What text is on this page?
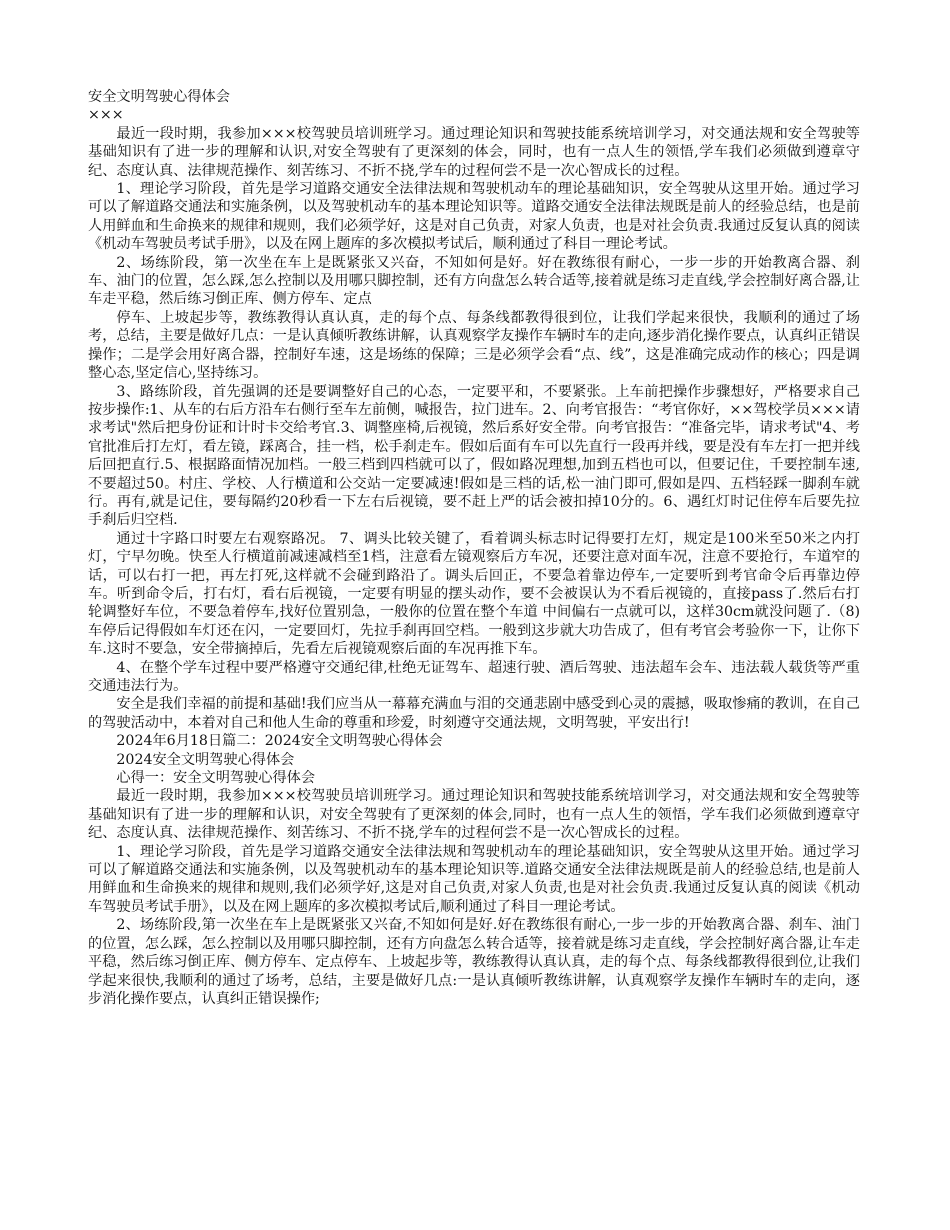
安全文明驾驶心得体会

×××

最近一段时期，我参加×××校驾驶员培训班学习。通过理论知识和驾驶技能系统培训学习，对交通法规和安全驾驶等基础知识有了进一步的理解和认识,对安全驾驶有了更深刻的体会，同时，也有一点人生的领悟,学车我们必须做到遵章守纪、态度认真、法律规范操作、刻苦练习、不折不挠,学车的过程何尝不是一次心智成长的过程。

1、理论学习阶段，首先是学习道路交通安全法律法规和驾驶机动车的理论基础知识，安全驾驶从这里开始。通过学习可以了解道路交通法和实施条例，以及驾驶机动车的基本理论知识等。道路交通安全法律法规既是前人的经验总结，也是前人用鲜血和生命换来的规律和规则，我们必须学好，这是对自己负责，对家人负责，也是对社会负责.我通过反复认真的阅读《机动车驾驶员考试手册》，以及在网上题库的多次模拟考试后，顺利通过了科目一理论考试。

2、场练阶段，第一次坐在车上是既紧张又兴奋，不知如何是好。好在教练很有耐心，一步一步的开始教离合器、刹车、油门的位置，怎么踩,怎么控制以及用哪只脚控制，还有方向盘怎么转合适等,接着就是练习走直线,学会控制好离合器,让车走平稳，然后练习倒正库、侧方停车、定点

停车、上坡起步等，教练教得认真认真，走的每个点、每条线都教得很到位，让我们学起来很快，我顺利的通过了场考，总结，主要是做好几点：一是认真倾听教练讲解，认真观察学友操作车辆时车的走向,逐步消化操作要点，认真纠正错误操作；二是学会用好离合器，控制好车速，这是场练的保障；三是必须学会看“点、线”，这是准确完成动作的核心；四是调整心态,坚定信心,坚持练习。

3、路练阶段，首先强调的还是要调整好自己的心态，一定要平和，不要紧张。上车前把操作步骤想好，严格要求自己按步操作:1、从车的右后方沿车右侧行至车左前侧，喊报告，拉门进车。2、向考官报告：“考官你好，××驾校学员×××请求考试"然后把身份证和计时卡交给考官.3、调整座椅,后视镜，然后系好安全带。向考官报告：“准备完毕，请求考试"4、考官批准后打左灯，看左镜，踩离合，挂一档，松手刹走车。假如后面有车可以先直行一段再并线，要是没有车左打一把并线后回把直行.5、根据路面情况加档。一般三档到四档就可以了，假如路况理想,加到五档也可以，但要记住，千要控制车速,不要超过50。村庄、学校、人行横道和公交站一定要减速!假如是三档的话,松一油门即可,假如是四、五档轻踩一脚刹车就行。再有,就是记住，要每隔约20秒看一下左右后视镜，要不赶上严的话会被扣掉10分的。6、遇红灯时记住停车后要先拉手刹后归空档.

通过十字路口时要左右观察路况。 7、调头比较关键了，看着调头标志时记得要打左灯，规定是100米至50米之内打灯，宁早勿晚。快至人行横道前减速减档至1档，注意看左镜观察后方车况，还要注意对面车况，注意不要抢行，车道窄的话，可以右打一把，再左打死,这样就不会碰到路沿了。调头后回正，不要急着靠边停车,一定要听到考官命令后再靠边停车。听到命令后，打右灯，看右后视镜，一定要有明显的摆头动作，要不会被误认为不看后视镜的，直接pass了.然后右打轮调整好车位，不要急着停车,找好位置别急，一般你的位置在整个车道 中间偏右一点就可以，这样30cm就没问题了.（8)车停后记得假如车灯还在闪，一定要回灯，先拉手刹再回空档。一般到这步就大功告成了，但有考官会考验你一下，让你下车.这时不要急，安全带摘掉后，先看左后视镜观察后面的车况再推下车。

4、在整个学车过程中要严格遵守交通纪律,杜绝无证驾车、超速行驶、酒后驾驶、违法超车会车、违法载人载货等严重交通违法行为。

安全是我们幸福的前提和基础!我们应当从一幕幕充满血与泪的交通悲剧中感受到心灵的震撼，吸取惨痛的教训，在自己的驾驶活动中，本着对自己和他人生命的尊重和珍爱，时刻遵守交通法规，文明驾驶，平安出行!

2024年6月18日篇二：2024安全文明驾驶心得体会

2024安全文明驾驶心得体会

心得一：安全文明驾驶心得体会

最近一段时期，我参加×××校驾驶员培训班学习。通过理论知识和驾驶技能系统培训学习，对交通法规和安全驾驶等基础知识有了进一步的理解和认识，对安全驾驶有了更深刻的体会,同时，也有一点人生的领悟，学车我们必须做到遵章守纪、态度认真、法律规范操作、刻苦练习、不折不挠,学车的过程何尝不是一次心智成长的过程。

1、理论学习阶段，首先是学习道路交通安全法律法规和驾驶机动车的理论基础知识，安全驾驶从这里开始。通过学习可以了解道路交通法和实施条例，以及驾驶机动车的基本理论知识等.道路交通安全法律法规既是前人的经验总结,也是前人用鲜血和生命换来的规律和规则,我们必须学好,这是对自己负责,对家人负责,也是对社会负责.我通过反复认真的阅读《机动车驾驶员考试手册》，以及在网上题库的多次模拟考试后,顺利通过了科目一理论考试。

2、场练阶段,第一次坐在车上是既紧张又兴奋,不知如何是好.好在教练很有耐心,一步一步的开始教离合器、刹车、油门的位置，怎么踩，怎么控制以及用哪只脚控制，还有方向盘怎么转合适等，接着就是练习走直线，学会控制好离合器,让车走平稳，然后练习倒正库、侧方停车、定点停车、上坡起步等，教练教得认真认真，走的每个点、每条线都教得很到位,让我们学起来很快,我顺利的通过了场考，总结，主要是做好几点:一是认真倾听教练讲解，认真观察学友操作车辆时车的走向，逐步消化操作要点，认真纠正错误操作;
